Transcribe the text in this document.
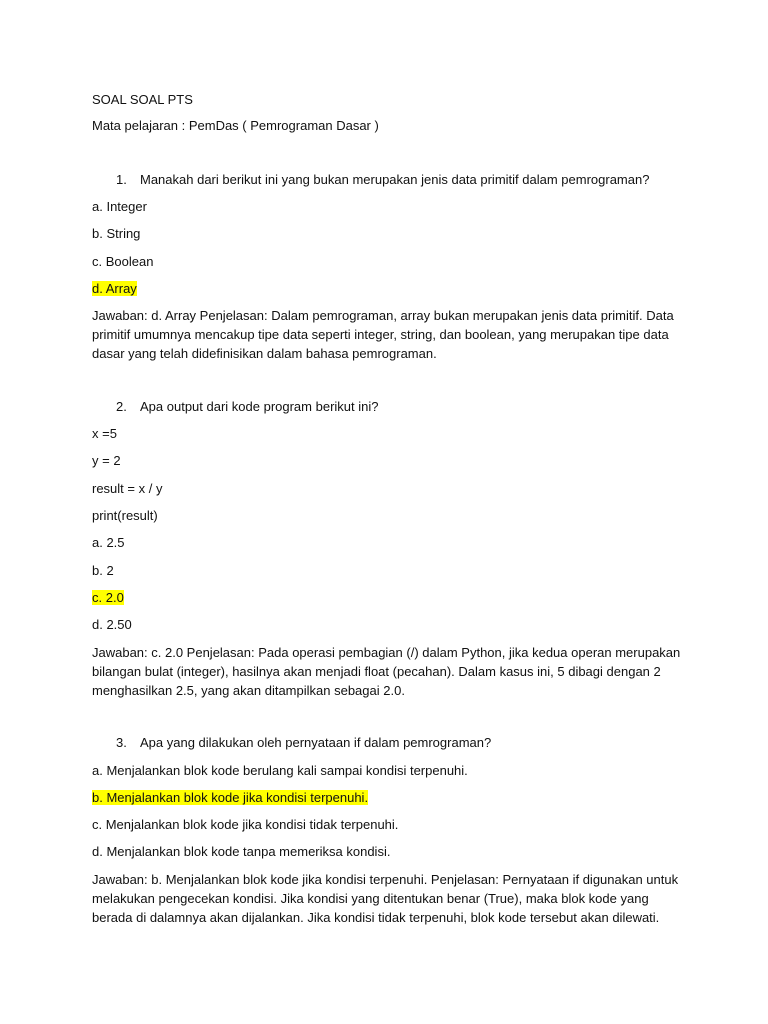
SOAL SOAL PTS
Mata pelajaran : PemDas ( Pemrograman Dasar )
1. Manakah dari berikut ini yang bukan merupakan jenis data primitif dalam pemrograman?
a. Integer
b. String
c. Boolean
d. Array
Jawaban: d. Array Penjelasan: Dalam pemrograman, array bukan merupakan jenis data primitif. Data primitif umumnya mencakup tipe data seperti integer, string, dan boolean, yang merupakan tipe data dasar yang telah didefinisikan dalam bahasa pemrograman.
2. Apa output dari kode program berikut ini?
x =5
y = 2
result = x / y
print(result)
a. 2.5
b. 2
c. 2.0
d. 2.50
Jawaban: c. 2.0 Penjelasan: Pada operasi pembagian (/) dalam Python, jika kedua operan merupakan bilangan bulat (integer), hasilnya akan menjadi float (pecahan). Dalam kasus ini, 5 dibagi dengan 2 menghasilkan 2.5, yang akan ditampilkan sebagai 2.0.
3. Apa yang dilakukan oleh pernyataan if dalam pemrograman?
a. Menjalankan blok kode berulang kali sampai kondisi terpenuhi.
b. Menjalankan blok kode jika kondisi terpenuhi.
c. Menjalankan blok kode jika kondisi tidak terpenuhi.
d. Menjalankan blok kode tanpa memeriksa kondisi.
Jawaban: b. Menjalankan blok kode jika kondisi terpenuhi. Penjelasan: Pernyataan if digunakan untuk melakukan pengecekan kondisi. Jika kondisi yang ditentukan benar (True), maka blok kode yang berada di dalamnya akan dijalankan. Jika kondisi tidak terpenuhi, blok kode tersebut akan dilewati.
